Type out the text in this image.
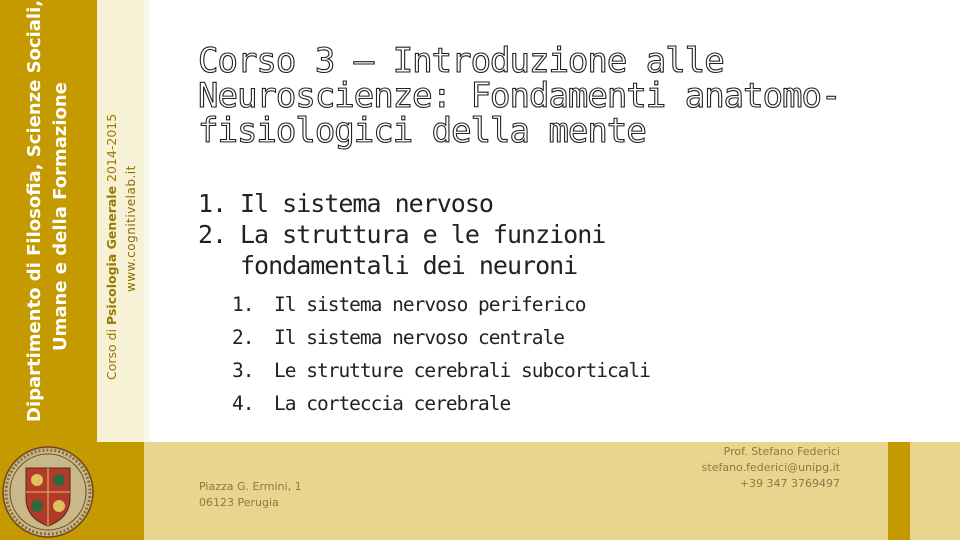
Dipartimento di Filosofia, Scienze Sociali, Umane e della Formazione
Corso di Psicologia Generale 2014-2015
www.cognitivelab.it
Corso 3 – Introduzione alle Neuroscienze: Fondamenti anatomo-fisiologici della mente
1. Il sistema nervoso
2. La struttura e le funzioni fondamentali dei neuroni
1.	Il sistema nervoso periferico
2.	Il sistema nervoso centrale
3.	Le strutture cerebrali subcorticali
4.	La corteccia cerebrale
Piazza G. Ermini, 1
06123 Perugia
Prof. Stefano Federici
stefano.federici@unipg.it
+39 347 3769497
